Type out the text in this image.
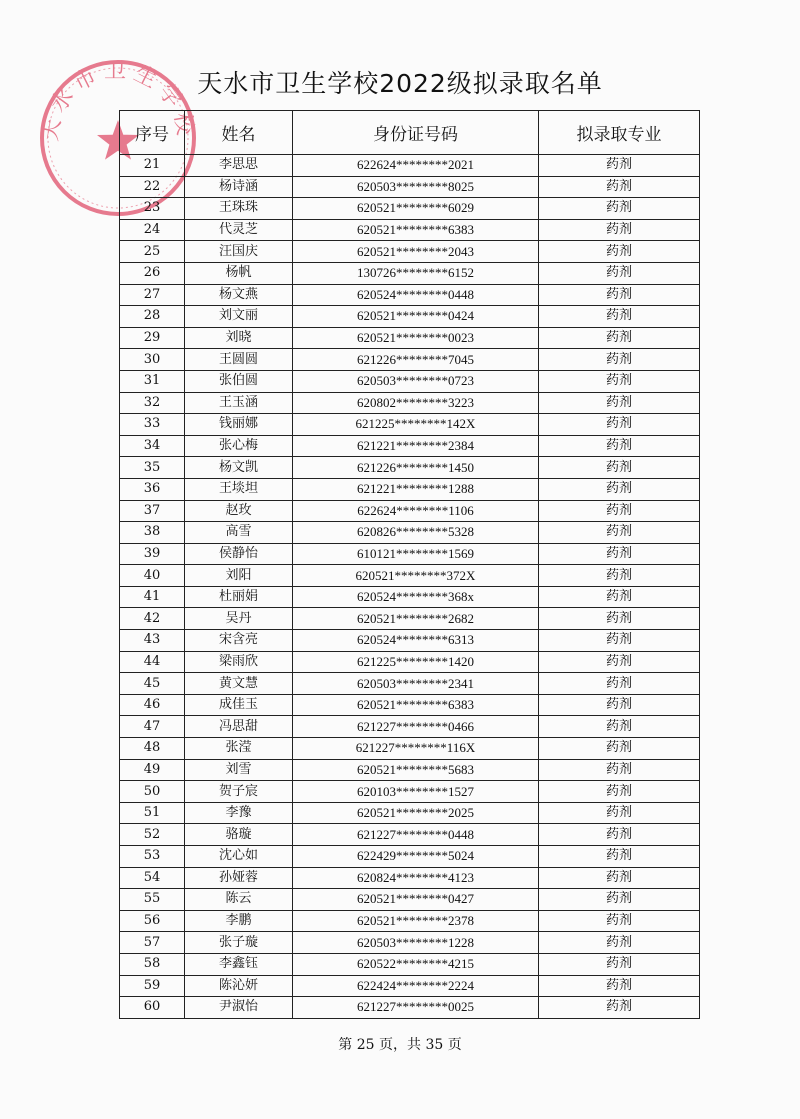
天水市卫生学校
天水市卫生学校2022级拟录取名单
序号	姓名	身份证号码	拟录取专业
21	李思思	622624********2021	药剂
22	杨诗涵	620503********8025	药剂
23	王珠珠	620521********6029	药剂
24	代灵芝	620521********6383	药剂
25	汪国庆	620521********2043	药剂
26	杨帆	130726********6152	药剂
27	杨文燕	620524********0448	药剂
28	刘文丽	620521********0424	药剂
29	刘晓	620521********0023	药剂
30	王圆圆	621226********7045	药剂
31	张伯圆	620503********0723	药剂
32	王玉涵	620802********3223	药剂
33	钱丽娜	621225********142X	药剂
34	张心梅	621221********2384	药剂
35	杨文凯	621226********1450	药剂
36	王埮坦	621221********1288	药剂
37	赵玫	622624********1106	药剂
38	高雪	620826********5328	药剂
39	侯静怡	610121********1569	药剂
40	刘阳	620521********372X	药剂
41	杜丽娟	620524********368x	药剂
42	吴丹	620521********2682	药剂
43	宋含亮	620524********6313	药剂
44	梁雨欣	621225********1420	药剂
45	黄文慧	620503********2341	药剂
46	成佳玉	620521********6383	药剂
47	冯思甜	621227********0466	药剂
48	张滢	621227********116X	药剂
49	刘雪	620521********5683	药剂
50	贺子宸	620103********1527	药剂
51	李豫	620521********2025	药剂
52	骆璇	621227********0448	药剂
53	沈心如	622429********5024	药剂
54	孙娅蓉	620824********4123	药剂
55	陈云	620521********0427	药剂
56	李鹏	620521********2378	药剂
57	张子璇	620503********1228	药剂
58	李鑫钰	620522********4215	药剂
59	陈沁妍	622424********2224	药剂
60	尹淑怡	621227********0025	药剂
第 25 页，共 35 页
